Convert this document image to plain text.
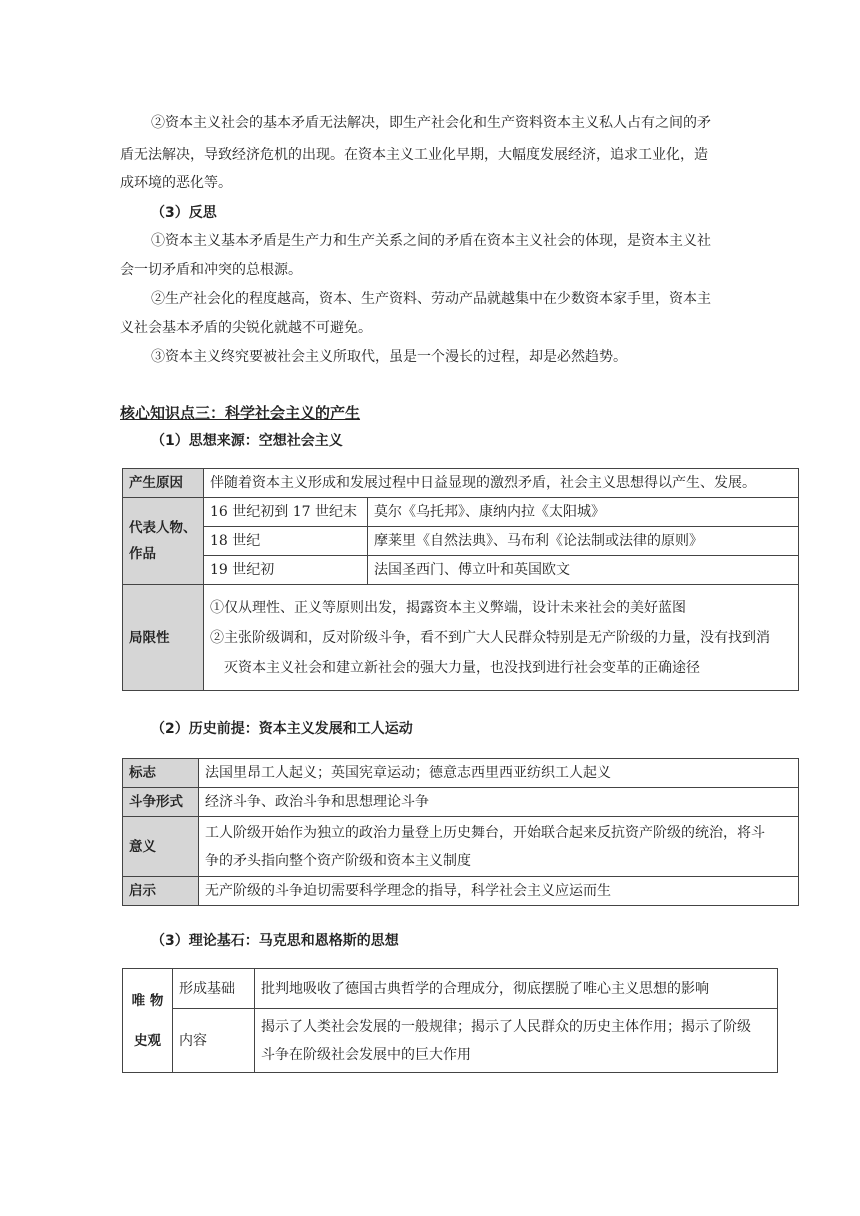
②资本主义社会的基本矛盾无法解决，即生产社会化和生产资料资本主义私人占有之间的矛
盾无法解决，导致经济危机的出现。在资本主义工业化早期，大幅度发展经济，追求工业化，造
成环境的恶化等。
（3）反思
①资本主义基本矛盾是生产力和生产关系之间的矛盾在资本主义社会的体现，是资本主义社
会一切矛盾和冲突的总根源。
②生产社会化的程度越高，资本、生产资料、劳动产品就越集中在少数资本家手里，资本主
义社会基本矛盾的尖锐化就越不可避免。
③资本主义终究要被社会主义所取代，虽是一个漫长的过程，却是必然趋势。
核心知识点三：科学社会主义的产生
（1）思想来源：空想社会主义
产生原因	伴随着资本主义形成和发展过程中日益显现的激烈矛盾，社会主义思想得以产生、发展。	

代表人物、
作品	16 世纪初到 17 世纪末	莫尔《乌托邦》、康纳内拉《太阳城》
	18 世纪	摩莱里《自然法典》、马布利《论法制或法律的原则》
	19 世纪初	法国圣西门、傅立叶和英国欧文
局限性	①仅从理性、正义等原则出发，揭露资本主义弊端，设计未来社会的美好蓝图
②主张阶级调和，反对阶级斗争，看不到广大人民群众特别是无产阶级的力量，没有找到消
灭资本主义社会和建立新社会的强大力量，也没找到进行社会变革的正确途径	
（2）历史前提：资本主义发展和工人运动
标志	法国里昂工人起义；英国宪章运动；德意志西里西亚纺织工人起义
斗争形式	经济斗争、政治斗争和思想理论斗争
意义	工人阶级开始作为独立的政治力量登上历史舞台，开始联合起来反抗资产阶级的统治，将斗
争的矛头指向整个资产阶级和资本主义制度

启示	无产阶级的斗争迫切需要科学理念的指导，科学社会主义应运而生
（3）理论基石：马克思和恩格斯的思想
唯 物
史观	形成基础	批判地吸收了德国古典哲学的合理成分，彻底摆脱了唯心主义思想的影响
	内容	揭示了人类社会发展的一般规律；揭示了人民群众的历史主体作用；揭示了阶级
斗争在阶级社会发展中的巨大作用
